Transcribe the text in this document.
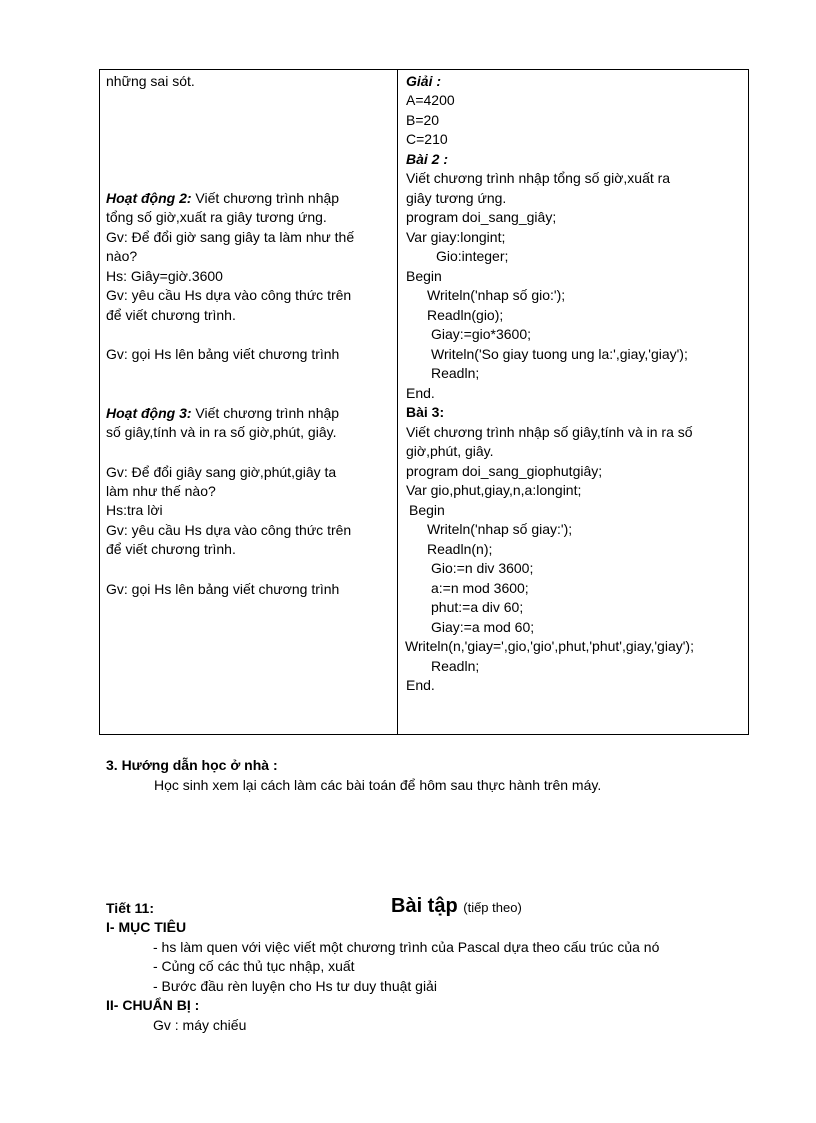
những sai sót.
Hoạt động 2: Viết chương trình nhập
tổng số giờ,xuất ra giây tương ứng.
Gv: Để đổi giờ sang giây ta làm như thế
nào?
Hs: Giây=giờ.3600
Gv: yêu cầu Hs dựa vào công thức trên
để viết chương trình.
Gv: gọi Hs lên bảng viết chương trình
Hoạt động 3: Viết chương trình nhập
số giây,tính và in ra số giờ,phút, giây.
Gv: Để đổi giây sang giờ,phút,giây ta
làm như thế nào?
Hs:tra lời
Gv: yêu cầu Hs dựa vào công thức trên
để viết chương trình.
Gv: gọi Hs lên bảng viết chương trình
Giải :
A=4200
B=20
C=210
Bài 2 :
Viết chương trình nhập tổng số giờ,xuất ra
giây tương ứng.
program doi_sang_giây;
Var giay:longint;
Gio:integer;
Begin
Writeln('nhap số gio:');
Readln(gio);
Giay:=gio*3600;
Writeln('So giay tuong ung la:',giay,'giay');
Readln;
End.
Bài 3:
Viết chương trình nhập số giây,tính và in ra số
giờ,phút, giây.
program doi_sang_giophutgiây;
Var gio,phut,giay,n,a:longint;
Begin
Writeln('nhap số giay:');
Readln(n);
Gio:=n div 3600;
a:=n mod 3600;
phut:=a div 60;
Giay:=a mod 60;
Writeln(n,'giay=',gio,'gio',phut,'phut',giay,'giay');
Readln;
End.
3. Hướng dẫn học ở nhà :
Học sinh xem lại cách làm các bài toán để hôm sau thực hành trên máy.
Tiết 11:	Bài tập (tiếp theo)
I- MỤC TIÊU
- hs làm quen với việc viết một chương trình của Pascal dựa theo cấu trúc của nó
- Củng cố các thủ tục nhập, xuất
- Bước đầu rèn luyện cho Hs tư duy thuật giải
II- CHUẨN BỊ :
Gv : máy chiếu
